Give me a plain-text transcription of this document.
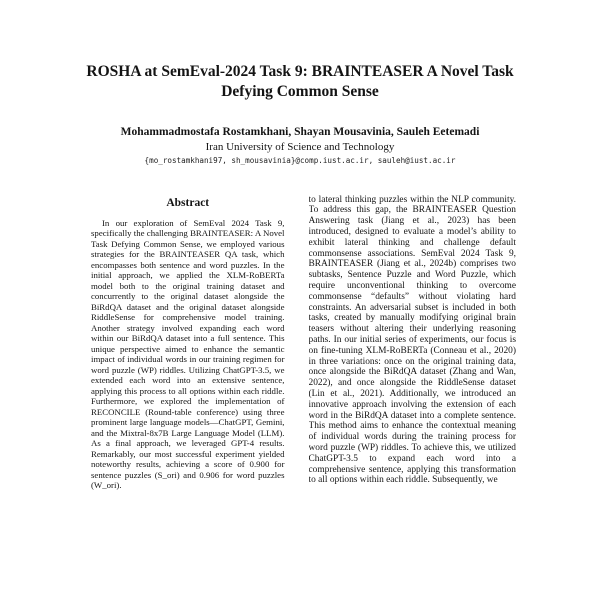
ROSHA at SemEval-2024 Task 9: BRAINTEASER A Novel Task Defying Common Sense
Mohammadmostafa Rostamkhani, Shayan Mousavinia, Sauleh Eetemadi
Iran University of Science and Technology
{mo_rostamkhani97, sh_mousavinia}@comp.iust.ac.ir, sauleh@iust.ac.ir
Abstract

In our exploration of SemEval 2024 Task 9, specifically the challenging BRAINTEASER: A Novel Task Defying Common Sense, we employed various strategies for the BRAINTEASER QA task, which encompasses both sentence and word puzzles. In the initial approach, we applied the XLM-RoBERTa model both to the original training dataset and concurrently to the original dataset alongside the BiRdQA dataset and the original dataset alongside RiddleSense for comprehensive model training. Another strategy involved expanding each word within our BiRdQA dataset into a full sentence. This unique perspective aimed to enhance the semantic impact of individual words in our training regimen for word puzzle (WP) riddles. Utilizing ChatGPT-3.5, we extended each word into an extensive sentence, applying this process to all options within each riddle. Furthermore, we explored the implementation of RECONCILE (Round-table conference) using three prominent large language models—ChatGPT, Gemini, and the Mixtral-8x7B Large Language Model (LLM). As a final approach, we leveraged GPT-4 results. Remarkably, our most successful experiment yielded noteworthy results, achieving a score of 0.900 for sentence puzzles (S_ori) and 0.906 for word puzzles (W_ori).

to lateral thinking puzzles within the NLP community. To address this gap, the BRAINTEASER Question Answering task (Jiang et al., 2023) has been introduced, designed to evaluate a model’s ability to exhibit lateral thinking and challenge default commonsense associations. SemEval 2024 Task 9, BRAINTEASER (Jiang et al., 2024b) comprises two subtasks, Sentence Puzzle and Word Puzzle, which require unconventional thinking to overcome commonsense “defaults” without violating hard constraints. An adversarial subset is included in both tasks, created by manually modifying original brain teasers without altering their underlying reasoning paths. In our initial series of experiments, our focus is on fine-tuning XLM-RoBERTa (Conneau et al., 2020) in three variations: once on the original training data, once alongside the BiRdQA dataset (Zhang and Wan, 2022), and once alongside the RiddleSense dataset (Lin et al., 2021). Additionally, we introduced an innovative approach involving the extension of each word in the BiRdQA dataset into a complete sentence. This method aims to enhance the contextual meaning of individual words during the training process for word puzzle (WP) riddles. To achieve this, we utilized ChatGPT-3.5 to expand each word into a comprehensive sentence, applying this transformation to all options within each riddle. Subsequently, we
